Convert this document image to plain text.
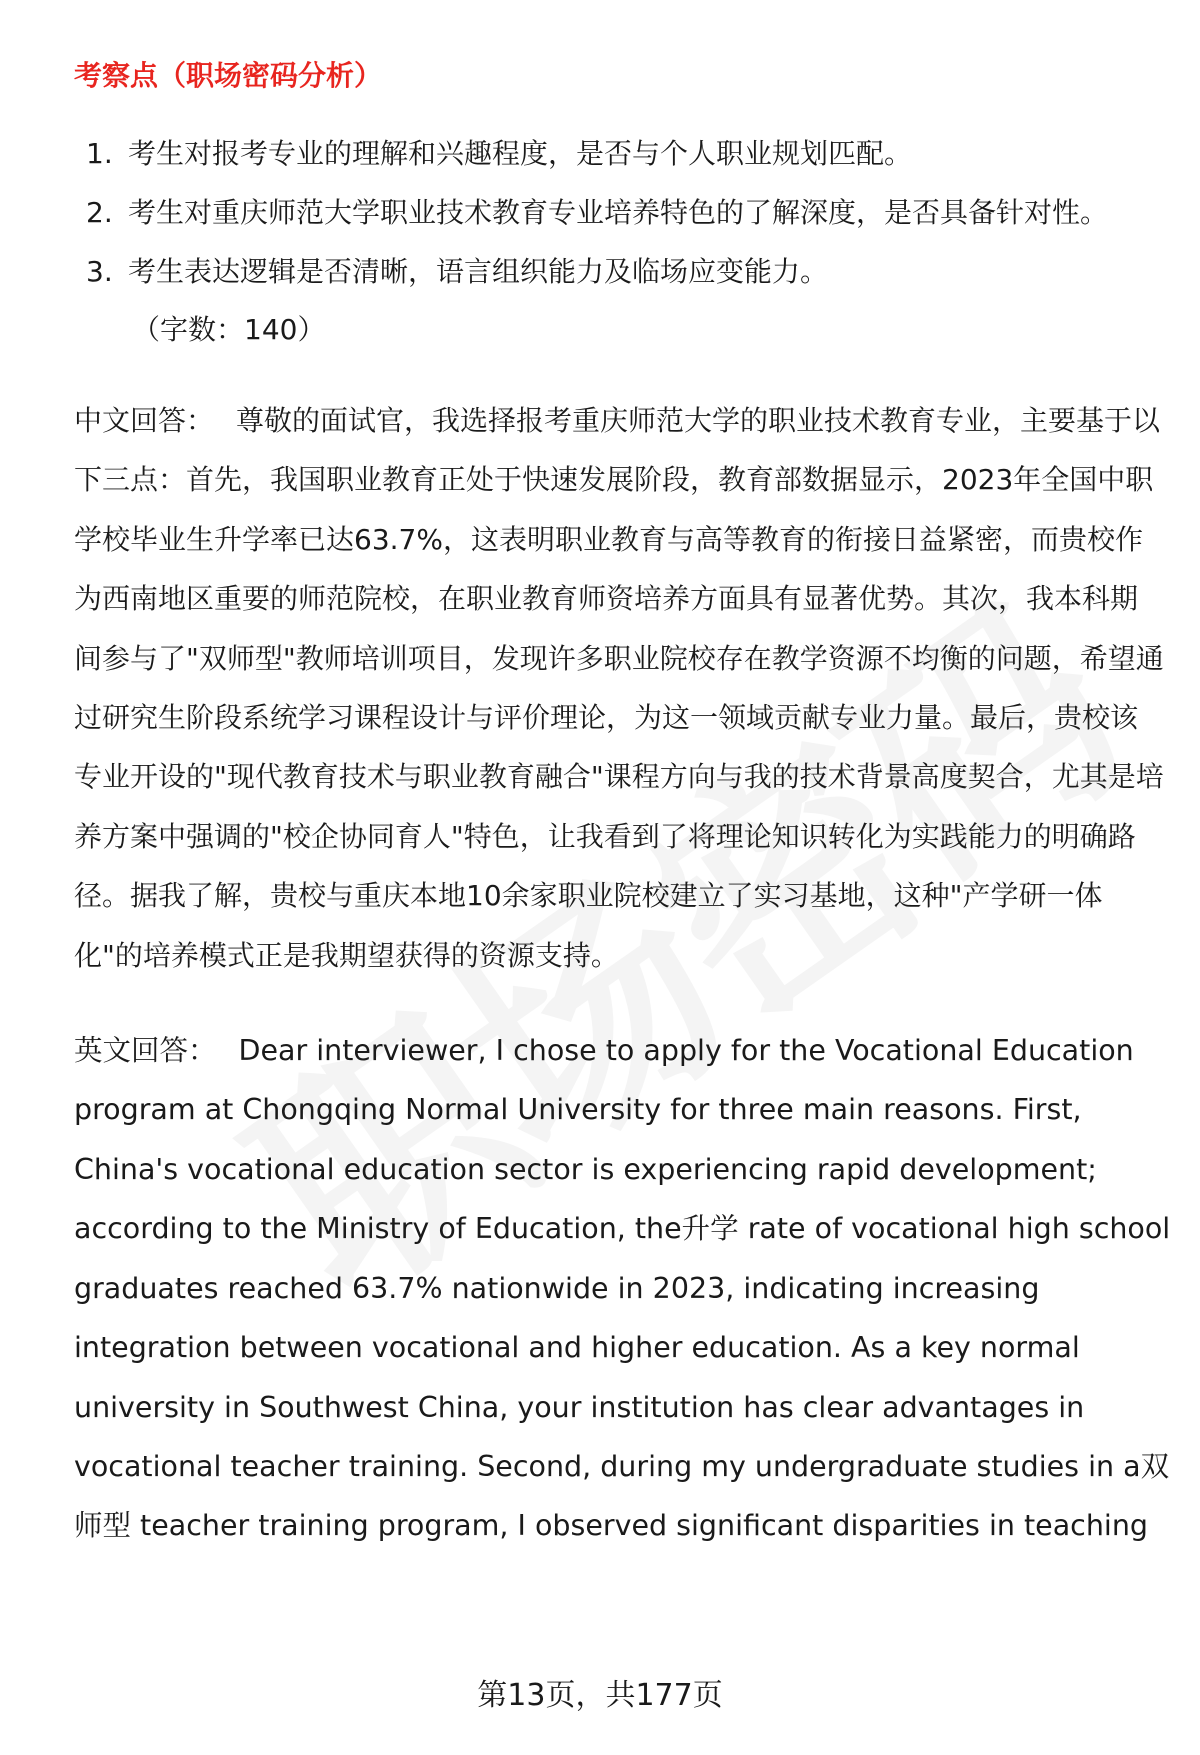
考察点（职场密码分析）
1. 考生对报考专业的理解和兴趣程度，是否与个人职业规划匹配。
2. 考生对重庆师范大学职业技术教育专业培养特色的了解深度，是否具备针对性。
3. 考生表达逻辑是否清晰，语言组织能力及临场应变能力。
（字数：140）

中文回答： 尊敬的面试官，我选择报考重庆师范大学的职业技术教育专业，主要基于以下三点：首先，我国职业教育正处于快速发展阶段，教育部数据显示，2023年全国中职学校毕业生升学率已达63.7%，这表明职业教育与高等教育的衔接日益紧密，而贵校作为西南地区重要的师范院校，在职业教育师资培养方面具有显著优势。其次，我本科期间参与了"双师型"教师培训项目，发现许多职业院校存在教学资源不均衡的问题，希望通过研究生阶段系统学习课程设计与评价理论，为这一领域贡献专业力量。最后，贵校该专业开设的"现代教育技术与职业教育融合"课程方向与我的技术背景高度契合，尤其是培养方案中强调的"校企协同育人"特色，让我看到了将理论知识转化为实践能力的明确路径。据我了解，贵校与重庆本地10余家职业院校建立了实习基地，这种"产学研一体化"的培养模式正是我期望获得的资源支持。

英文回答： Dear interviewer, I chose to apply for the Vocational Education program at Chongqing Normal University for three main reasons. First, China's vocational education sector is experiencing rapid development; according to the Ministry of Education, the升学 rate of vocational high school graduates reached 63.7% nationwide in 2023, indicating increasing integration between vocational and higher education. As a key normal university in Southwest China, your institution has clear advantages in vocational teacher training. Second, during my undergraduate studies in a双师型 teacher training program, I observed significant disparities in teaching

第13页，共177页
